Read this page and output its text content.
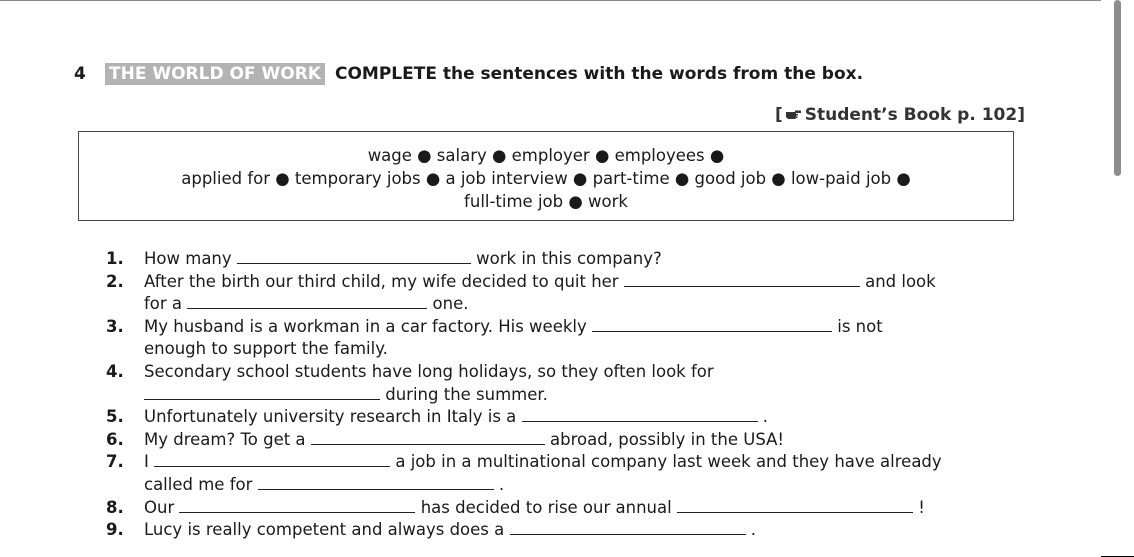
4 THE WORLD OF WORK COMPLETE the sentences with the words from the box.
[ Student’s Book p. 102]
wage ● salary ● employer ● employees ●
applied for ● temporary jobs ● a job interview ● part-time ● good job ● low-paid job ●
full-time job ● work
1.	How many	work in this company?
2.	After the birth our third child, my wife decided to quit her	and look
for a	one.
3.	My husband is a workman in a car factory. His weekly	is not
enough to support the family.
4.	Secondary school students have long holidays, so they often look for
during the summer.
5.	Unfortunately university research in Italy is a	.
6.	My dream? To get a	abroad, possibly in the USA!
7.	I	a job in a multinational company last week and they have already
called me for	.
8.	Our	has decided to rise our annual	!
9.	Lucy is really competent and always does a	.
